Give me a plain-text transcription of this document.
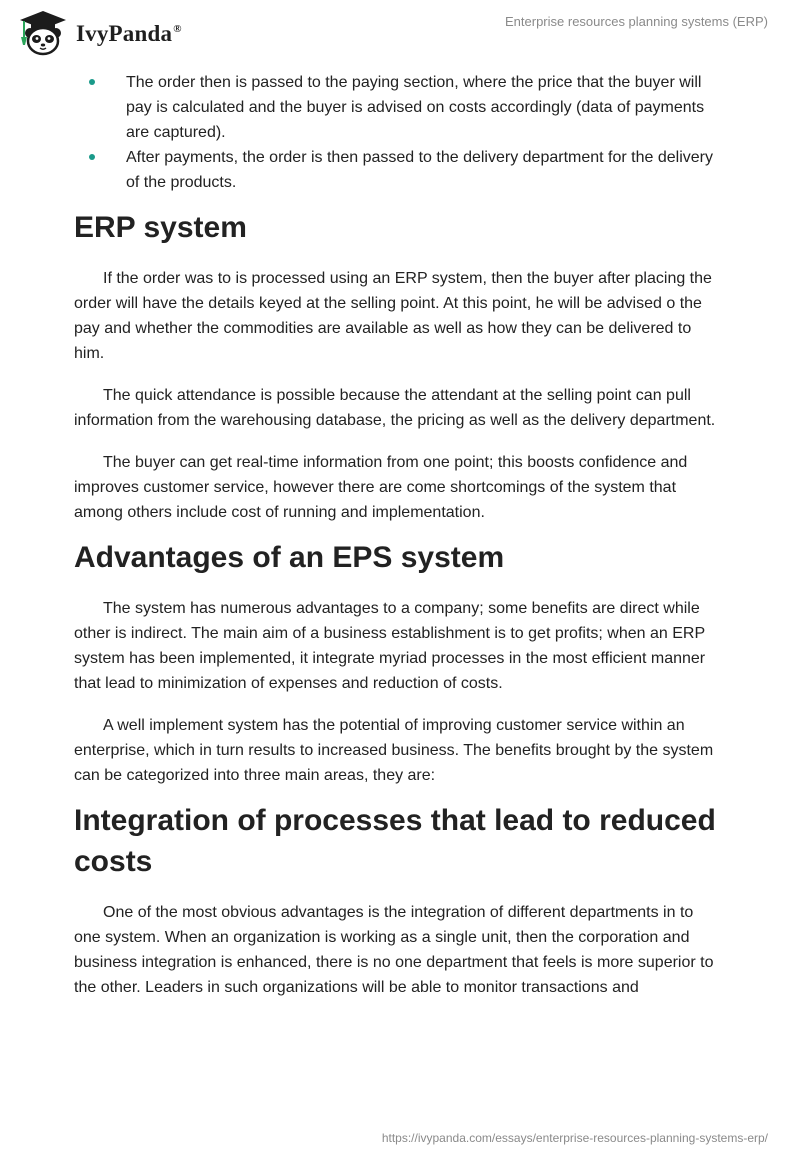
IvyPanda®
Enterprise resources planning systems (ERP)
The order then is passed to the paying section, where the price that the buyer will pay is calculated and the buyer is advised on costs accordingly (data of payments are captured).
After payments, the order is then passed to the delivery department for the delivery of the products.
ERP system

If the order was to is processed using an ERP system, then the buyer after placing the order will have the details keyed at the selling point. At this point, he will be advised o the pay and whether the commodities are available as well as how they can be delivered to him.

The quick attendance is possible because the attendant at the selling point can pull information from the warehousing database, the pricing as well as the delivery department.

The buyer can get real-time information from one point; this boosts confidence and improves customer service, however there are come shortcomings of the system that among others include cost of running and implementation.

Advantages of an EPS system

The system has numerous advantages to a company; some benefits are direct while other is indirect. The main aim of a business establishment is to get profits; when an ERP system has been implemented, it integrate myriad processes in the most efficient manner that lead to minimization of expenses and reduction of costs.

A well implement system has the potential of improving customer service within an enterprise, which in turn results to increased business. The benefits brought by the system can be categorized into three main areas, they are:

Integration of processes that lead to reduced costs

One of the most obvious advantages is the integration of different departments in to one system. When an organization is working as a single unit, then the corporation and business integration is enhanced, there is no one department that feels is more superior to the other. Leaders in such organizations will be able to monitor transactions and

https://ivypanda.com/essays/enterprise-resources-planning-systems-erp/
